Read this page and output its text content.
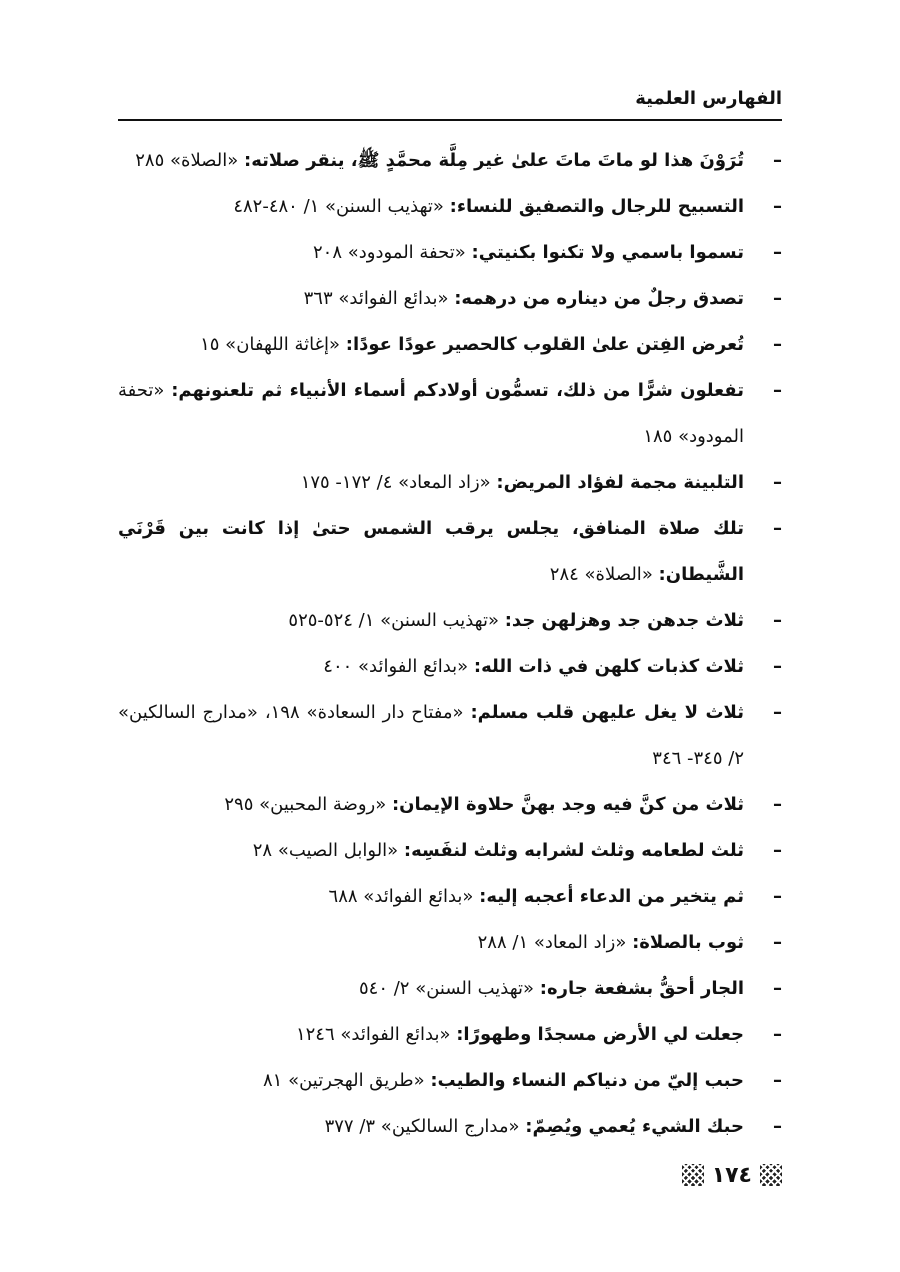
الفهارس العلمية
–
تُرَوْنَ هذا لو ماتَ ماتَ علىٰ غير مِلَّة محمَّدٍ ﷺ، ينقر صلاته: «الصلاة» ٢٨٥
–
التسبيح للرجال والتصفيق للنساء: «تهذيب السنن» ١/ ٤٨٠-٤٨٢
–
تسموا باسمي ولا تكنوا بكنيتي: «تحفة المودود» ٢٠٨
–
تصدق رجلٌ من ديناره من درهمه: «بدائع الفوائد» ٣٦٣
–
تُعرض الفِتن علىٰ القلوب كالحصير عودًا عودًا: «إغاثة اللهفان» ١٥
–
تفعلون شرًّا من ذلك، تسمُّون أولادكم أسماء الأنبياء ثم تلعنونهم: «تحفة المودود» ١٨٥
–
التلبينة مجمة لفؤاد المريض: «زاد المعاد» ٤/ ١٧٢- ١٧٥
–
تلك صلاة المنافق، يجلس يرقب الشمس حتىٰ إذا كانت بين قَرْنَي الشَّيطان: «الصلاة» ٢٨٤
–
ثلاث جدهن جد وهزلهن جد: «تهذيب السنن» ١/ ٥٢٤-٥٢٥
–
ثلاث كذبات كلهن في ذات الله: «بدائع الفوائد» ٤٠٠
–
ثلاث لا يغل عليهن قلب مسلم: «مفتاح دار السعادة» ١٩٨، «مدارج السالكين» ٢/ ٣٤٥- ٣٤٦
–
ثلاث من كنَّ فيه وجد بهنَّ حلاوة الإيمان: «روضة المحبين» ٢٩٥
–
ثلث لطعامه وثلث لشرابه وثلث لنفَسِه: «الوابل الصيب» ٢٨
–
ثم يتخير من الدعاء أعجبه إليه: «بدائع الفوائد» ٦٨٨
–
ثوب بالصلاة: «زاد المعاد» ١/ ٢٨٨
–
الجار أحقُّ بشفعة جاره: «تهذيب السنن» ٢/ ٥٤٠
–
جعلت لي الأرض مسجدًا وطهورًا: «بدائع الفوائد» ١٢٤٦
–
حبب إليّ من دنياكم النساء والطيب: «طريق الهجرتين» ٨١
–
حبك الشيء يُعمي ويُصِمّ: «مدارج السالكين» ٣/ ٣٧٧
١٧٤
